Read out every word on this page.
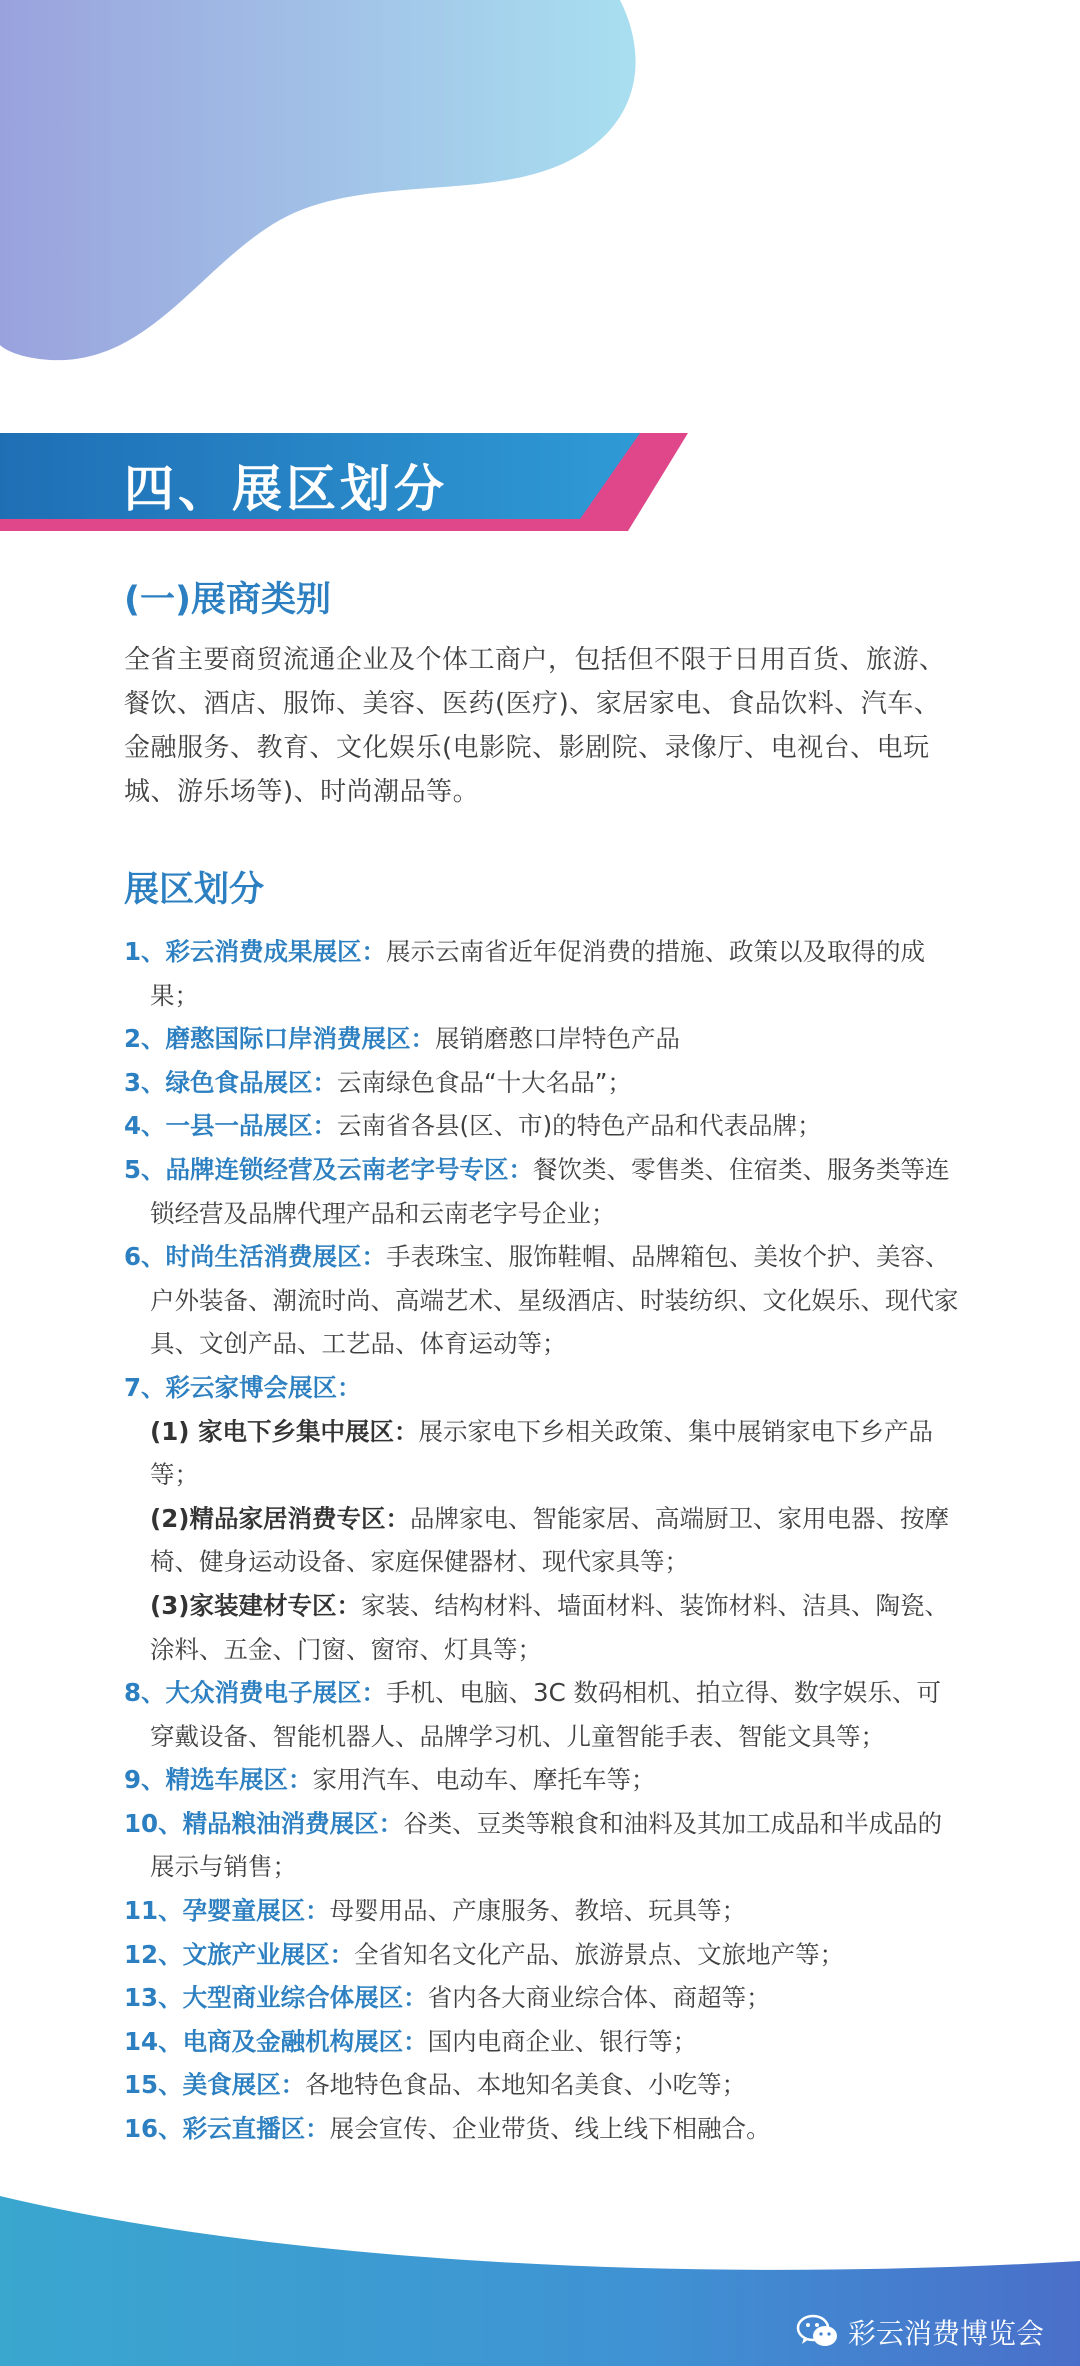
四、展区划分
(一)展商类别

全省主要商贸流通企业及个体工商户，包括但不限于日用百货、旅游、餐饮、酒店、服饰、美容、医药(医疗)、家居家电、食品饮料、汽车、金融服务、教育、文化娱乐(电影院、影剧院、录像厅、电视台、电玩城、游乐场等)、时尚潮品等。

展区划分
1、彩云消费成果展区：展示云南省近年促消费的措施、政策以及取得的成果；
2、磨憨国际口岸消费展区：展销磨憨口岸特色产品
3、绿色食品展区：云南绿色食品“十大名品”；
4、一县一品展区：云南省各县(区、市)的特色产品和代表品牌；
5、品牌连锁经营及云南老字号专区：餐饮类、零售类、住宿类、服务类等连锁经营及品牌代理产品和云南老字号企业；
6、时尚生活消费展区：手表珠宝、服饰鞋帽、品牌箱包、美妆个护、美容、户外装备、潮流时尚、高端艺术、星级酒店、时装纺织、文化娱乐、现代家具、文创产品、工艺品、体育运动等；
7、彩云家博会展区：
(1) 家电下乡集中展区：展示家电下乡相关政策、集中展销家电下乡产品等；
(2)精品家居消费专区：品牌家电、智能家居、高端厨卫、家用电器、按摩椅、健身运动设备、家庭保健器材、现代家具等；
(3)家装建材专区：家装、结构材料、墙面材料、装饰材料、洁具、陶瓷、涂料、五金、门窗、窗帘、灯具等；
8、大众消费电子展区：手机、电脑、3C 数码相机、拍立得、数字娱乐、可穿戴设备、智能机器人、品牌学习机、儿童智能手表、智能文具等；
9、精选车展区：家用汽车、电动车、摩托车等；
10、精品粮油消费展区：谷类、豆类等粮食和油料及其加工成品和半成品的展示与销售；
11、孕婴童展区：母婴用品、产康服务、教培、玩具等；
12、文旅产业展区：全省知名文化产品、旅游景点、文旅地产等；
13、大型商业综合体展区：省内各大商业综合体、商超等；
14、电商及金融机构展区：国内电商企业、银行等；
15、美食展区：各地特色食品、本地知名美食、小吃等；
16、彩云直播区：展会宣传、企业带货、线上线下相融合。
彩云消费博览会
